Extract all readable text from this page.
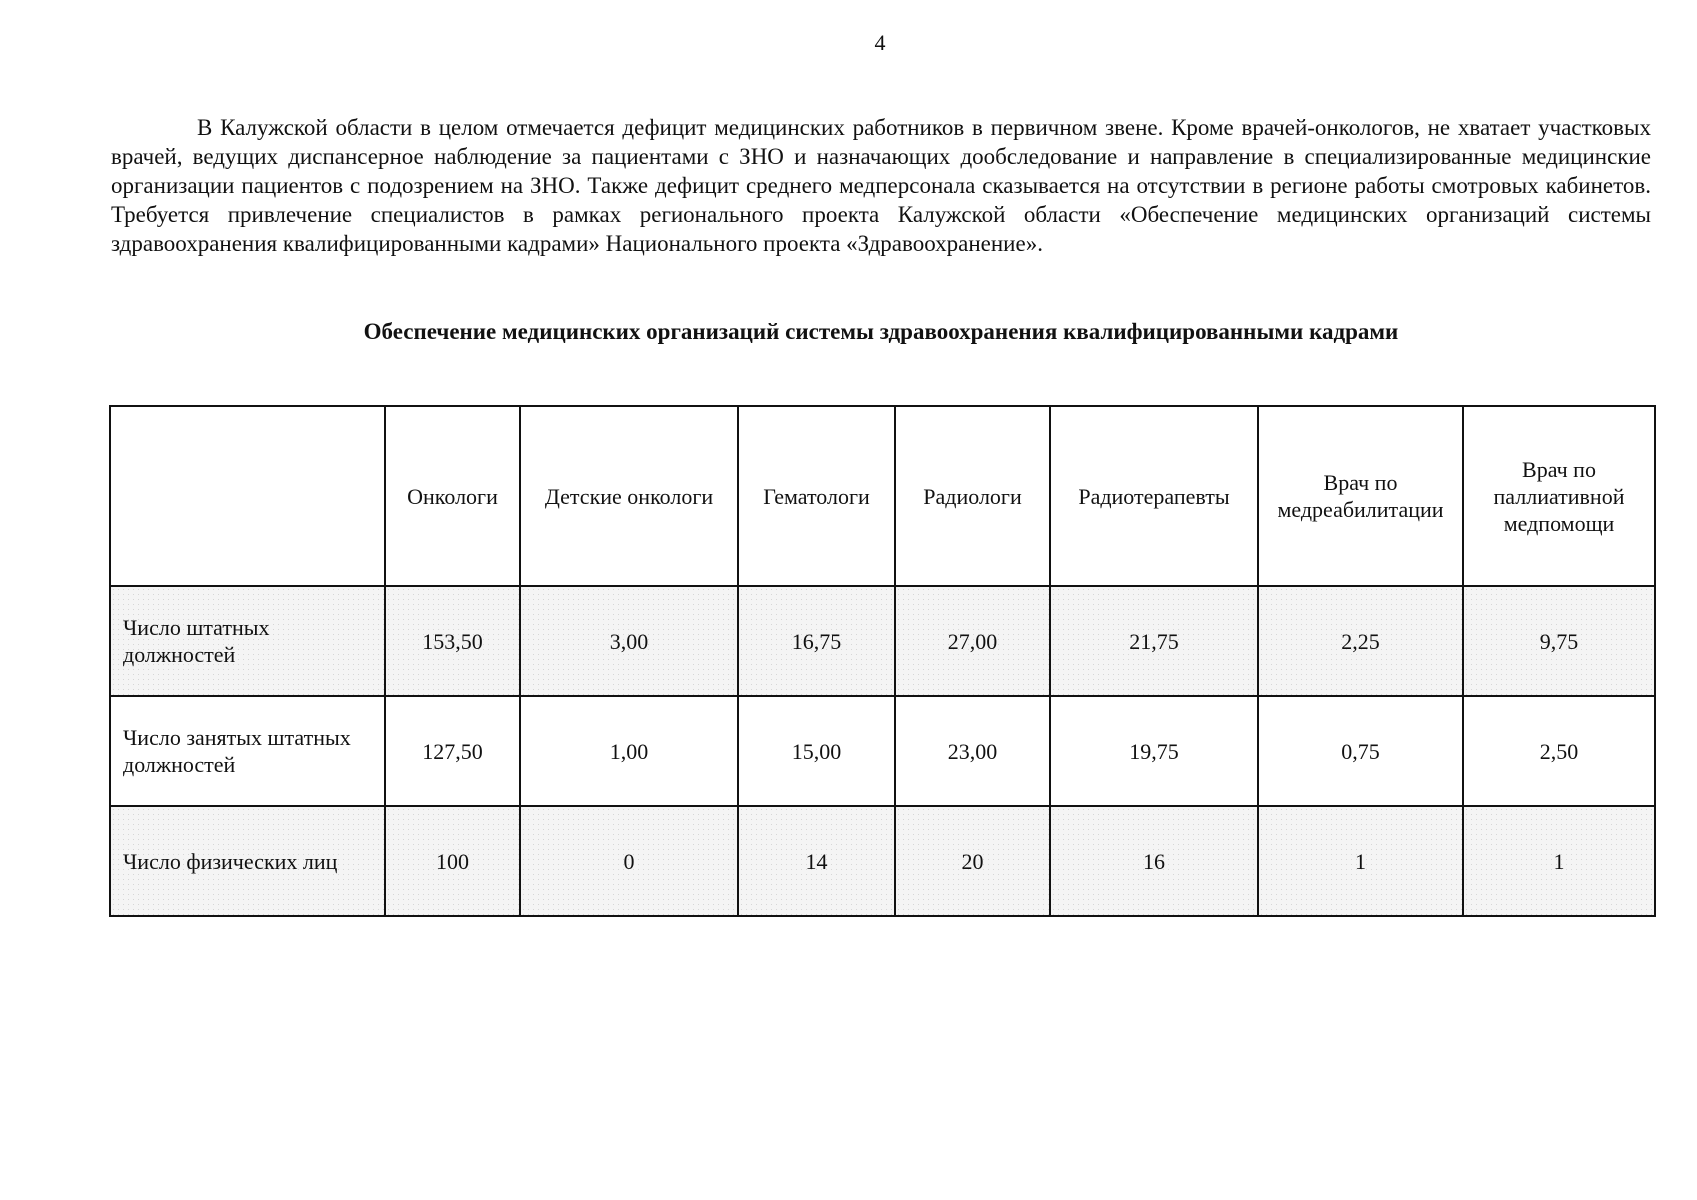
4

В Калужской области в целом отмечается дефицит медицинских работников в первичном звене. Кроме врачей-онкологов, не хватает участковых врачей, ведущих диспансерное наблюдение за пациентами с ЗНО и назначающих дообследование и направление в специализированные медицинские организации пациентов с подозрением на ЗНО. Также дефицит среднего медперсонала сказывается на отсутствии в регионе работы смотровых кабинетов. Требуется привлечение специалистов в рамках регионального проекта Калужской области «Обеспечение медицинских организаций системы здравоохранения квалифицированными кадрами» Национального проекта «Здравоохранение».

Обеспечение медицинских организаций системы здравоохранения квалифицированными кадрами
	Онкологи	Детские онкологи	Гематологи	Радиологи	Радиотерапевты	Врач по медреабилитации	Врач по паллиативной медпомощи
Число штатных должностей	153,50	3,00	16,75	27,00	21,75	2,25	9,75
Число занятых штатных должностей	127,50	1,00	15,00	23,00	19,75	0,75	2,50
Число физических лиц	100	0	14	20	16	1	1
